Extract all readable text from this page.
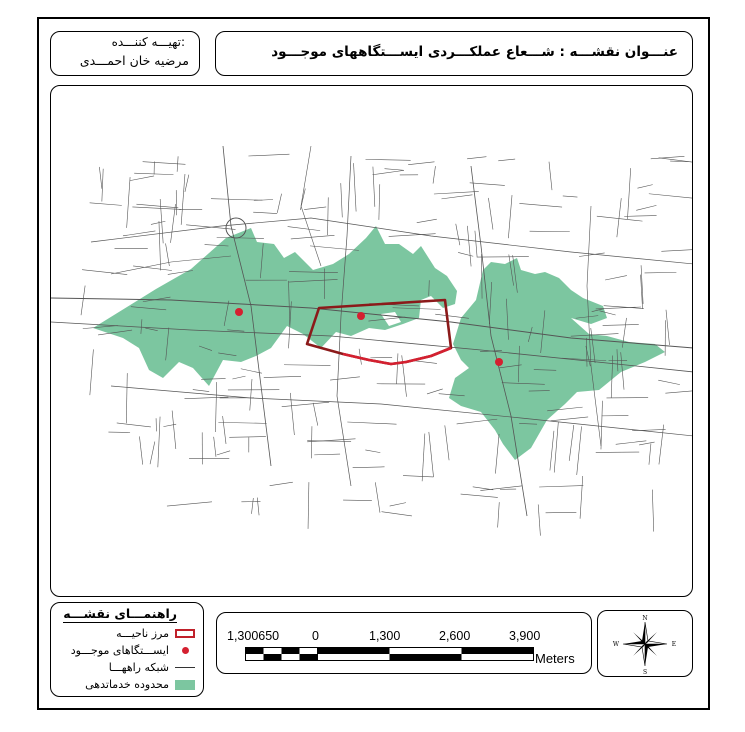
:تهیـــه کننـــده
مرضیه خان احمـــدی
عنـــوان نقشـــه : شـــعاع عملکـــردی ایســـتگاههای موجـــود
راهنمـــای نقشـــه
مرز ناحیـــه
ایســـتگاهای موجـــود
شبکه راههـــا
محدوده خدماتدهی
1,300650	0	1,300	2,600	3,900
Meters
N
S
E
W
